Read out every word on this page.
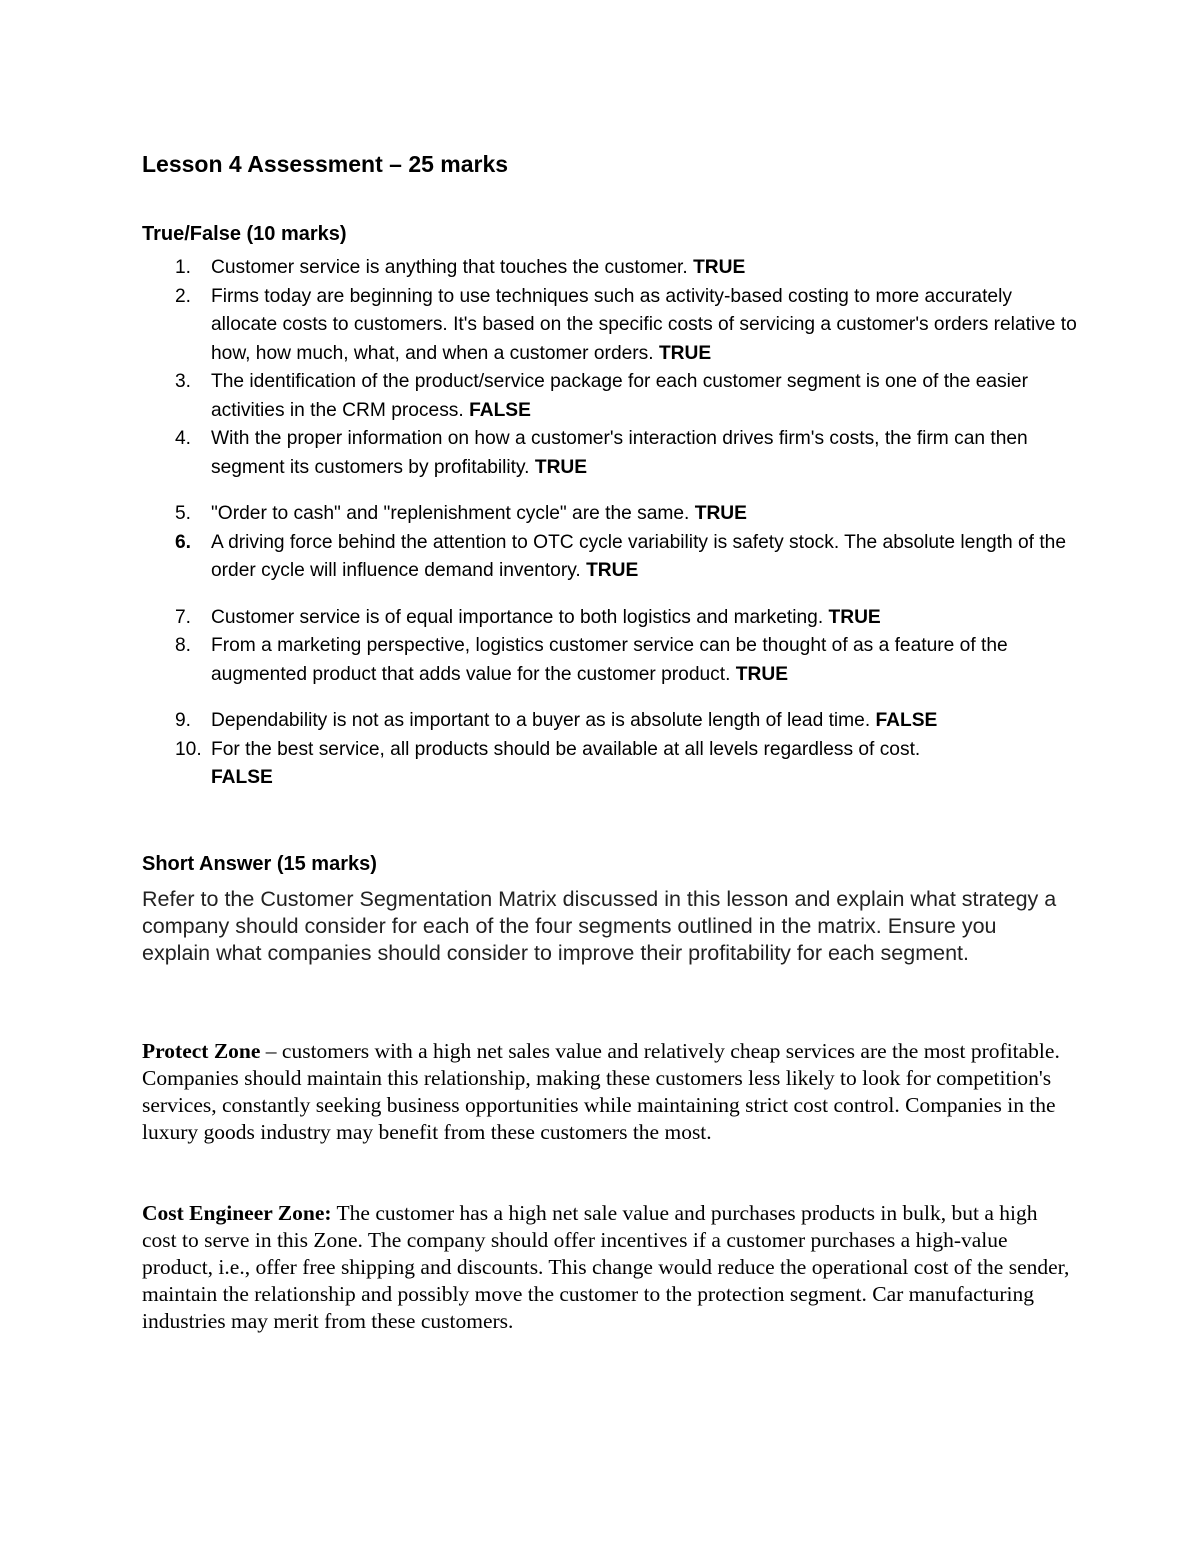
Lesson 4 Assessment – 25 marks
True/False (10 marks)
1.	Customer service is anything that touches the customer. TRUE
2.	Firms today are beginning to use techniques such as activity-based costing to more accurately allocate costs to customers. It's based on the specific costs of servicing a customer's orders relative to how, how much, what, and when a customer orders. TRUE
3.	The identification of the product/service package for each customer segment is one of the easier activities in the CRM process. FALSE
4.	With the proper information on how a customer's interaction drives firm's costs, the firm can then segment its customers by profitability. TRUE
5.	"Order to cash" and "replenishment cycle" are the same. TRUE
6.	A driving force behind the attention to OTC cycle variability is safety stock. The absolute length of the order cycle will influence demand inventory. TRUE
7.	Customer service is of equal importance to both logistics and marketing. TRUE
8.	From a marketing perspective, logistics customer service can be thought of as a feature of the augmented product that adds value for the customer product. TRUE
9.	Dependability is not as important to a buyer as is absolute length of lead time. FALSE
10. For the best service, all products should be available at all levels regardless of cost.
FALSE
Short Answer (15 marks)

Refer to the Customer Segmentation Matrix discussed in this lesson and explain what strategy a company should consider for each of the four segments outlined in the matrix. Ensure you explain what companies should consider to improve their profitability for each segment.

Protect Zone – customers with a high net sales value and relatively cheap services are the most profitable. Companies should maintain this relationship, making these customers less likely to look for competition's services, constantly seeking business opportunities while maintaining strict cost control. Companies in the luxury goods industry may benefit from these customers the most.

Cost Engineer Zone: The customer has a high net sale value and purchases products in bulk, but a high cost to serve in this Zone. The company should offer incentives if a customer purchases a high-value product, i.e., offer free shipping and discounts. This change would reduce the operational cost of the sender, maintain the relationship and possibly move the customer to the protection segment. Car manufacturing industries may merit from these customers.
